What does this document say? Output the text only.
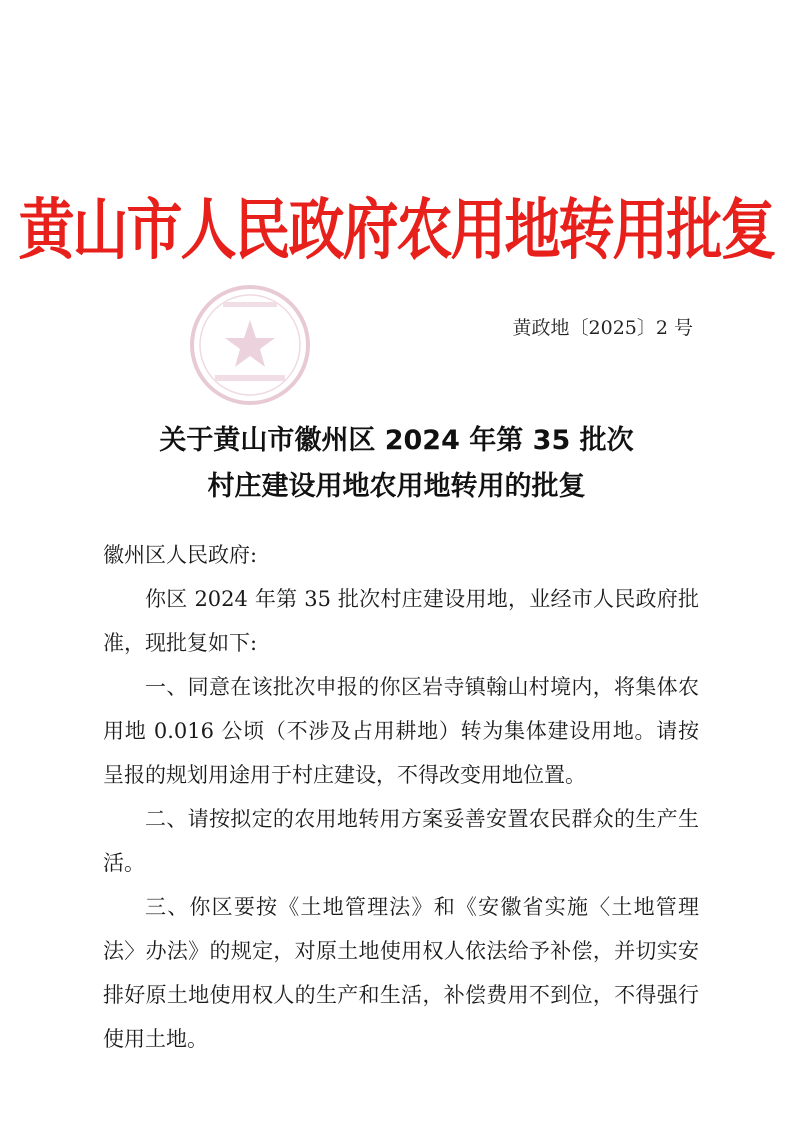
黄山市人民政府农用地转用批复
黄政地〔2025〕2 号
关于黄山市徽州区 2024 年第 35 批次
村庄建设用地农用地转用的批复

徽州区人民政府:

你区 2024 年第 35 批次村庄建设用地，业经市人民政府批准，现批复如下:

一、同意在该批次申报的你区岩寺镇翰山村境内，将集体农用地 0.016 公顷（不涉及占用耕地）转为集体建设用地。请按呈报的规划用途用于村庄建设，不得改变用地位置。

二、请按拟定的农用地转用方案妥善安置农民群众的生产生活。

三、你区要按《土地管理法》和《安徽省实施〈土地管理法〉办法》的规定，对原土地使用权人依法给予补偿，并切实安排好原土地使用权人的生产和生活，补偿费用不到位，不得强行使用土地。
